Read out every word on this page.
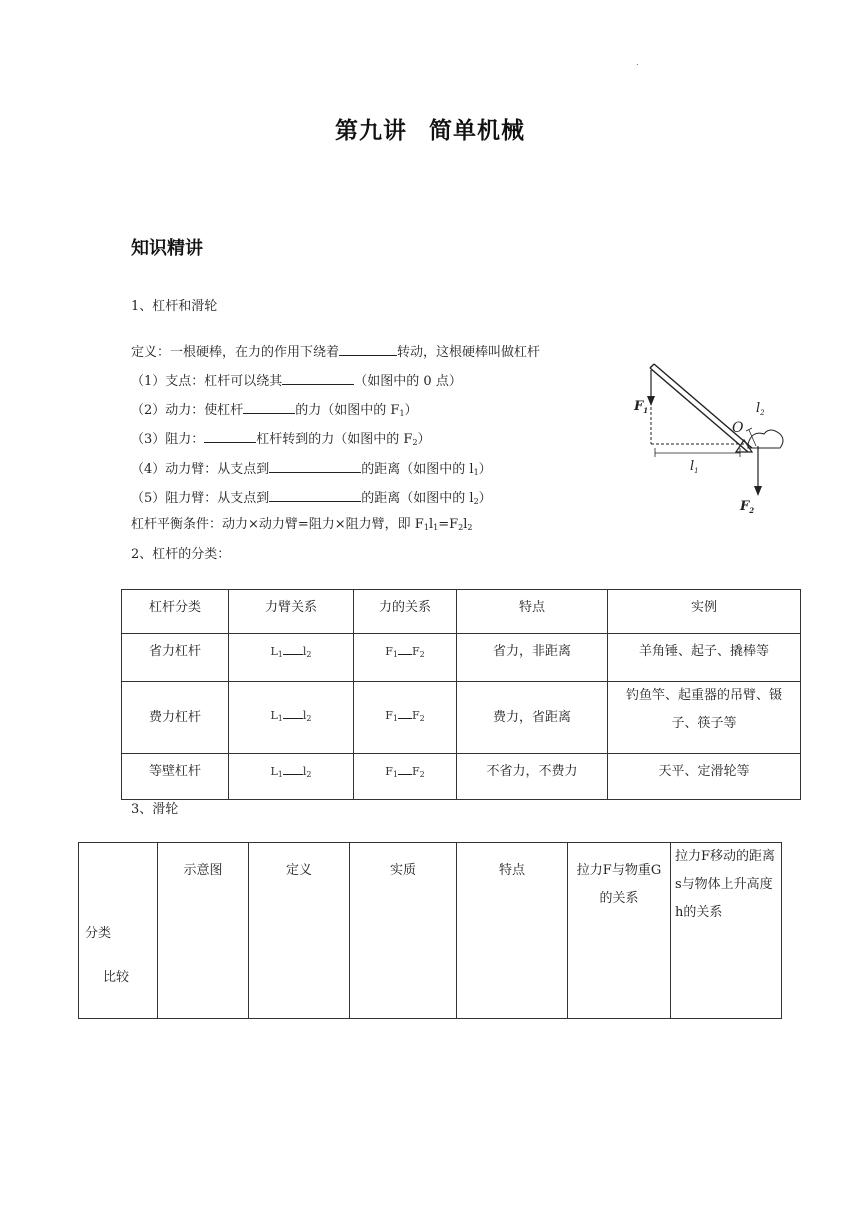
.
第九讲 简单机械
知识精讲
1、杠杆和滑轮
定义：一根硬棒，在力的作用下绕着	转动，这根硬棒叫做杠杆
（1）支点：杠杆可以绕其	（如图中的 0 点）
（2）动力：使杠杆	的力（如图中的 $F_1$）
（3）阻力：	杠杆转到的力（如图中的 $F_2$）
（4）动力臂：从支点到	的距离（如图中的 $l_1$）
（5）阻力臂：从支点到	的距离（如图中的 $l_2$）
杠杆平衡条件：动力×动力臂=阻力×阻力臂，即 $F_1l_1=F_2l_2$
$F_1$
O
$l_2$
$l_1$
$F_2$
2、杠杆的分类：
杠杆分类	力臂关系	力的关系	特点	实例
省力杠杆	$L_1$ $l_2$	$F_1$ $F_2$	省力，非距离	羊角锤、起子、撬棒等
费力杠杆	$L_1$ $l_2$	$F_1$ $F_2$	费力，省距离	钓鱼竿、起重器的吊臂、镊子、筷子等
等壁杠杆	$L_1$ $l_2$	$F_1$ $F_2$	不省力，不费力	天平、定滑轮等
3、滑轮
分类
比较
	示意图	定义	实质	特点	拉力F与物重G的关系	拉力F移动的距离s与物体上升高度h的关系
